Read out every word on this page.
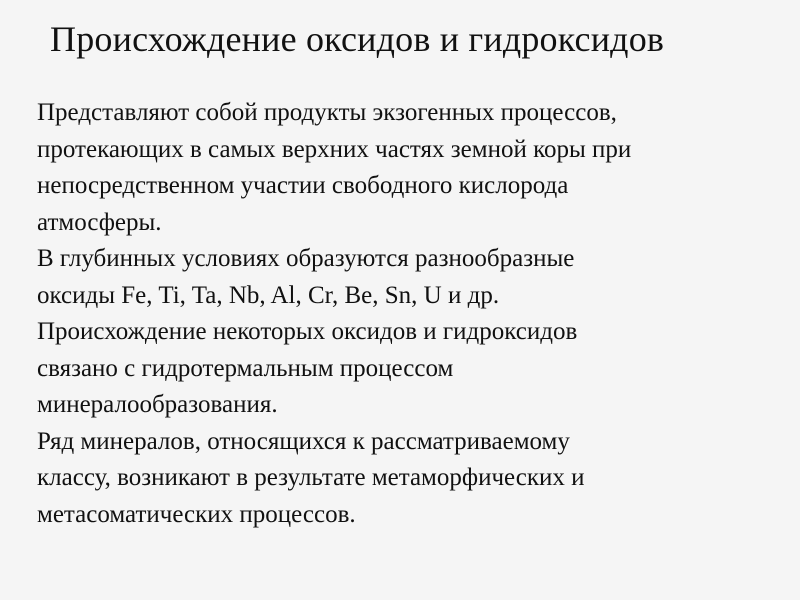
Происхождение оксидов и гидроксидов
Представляют собой продукты экзогенных процессов,
протекающих в самых верхних частях земной коры при
непосредственном участии свободного кислорода
атмосферы.
В глубинных условиях образуются разнообразные
оксиды Fe, Ti, Ta, Nb, Al, Cr, Be, Sn, U и др.
Происхождение некоторых оксидов и гидроксидов
связано с гидротермальным процессом
минералообразования.
Ряд минералов, относящихся к рассматриваемому
классу, возникают в результате метаморфических и
метасоматических процессов.
